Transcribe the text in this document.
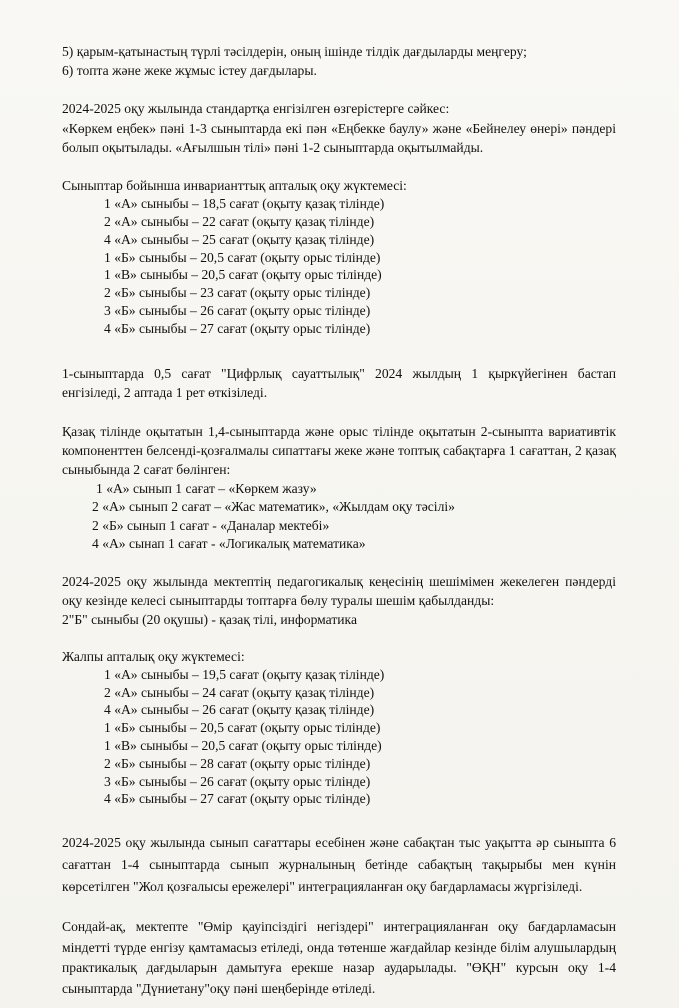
5) қарым-қатынастың түрлі тәсілдерін, оның ішінде тілдік дағдыларды меңгеру;

6) топта және жеке жұмыс істеу дағдылары.

2024-2025 оқу жылында стандартқа енгізілген өзгерістерге сәйкес:

«Көркем еңбек» пәні 1-3 сыныптарда екі пән «Еңбекке баулу» және «Бейнелеу өнері» пәндері болып оқытылады. «Ағылшын тілі» пәні 1-2 сыныптарда оқытылмайды.

Сыныптар бойынша инварианттық апталық оқу жүктемесі:

1 «А» сыныбы – 18,5 сағат (оқыту қазақ тілінде)
2 «А» сыныбы – 22 сағат (оқыту қазақ тілінде)
4 «А» сыныбы – 25 сағат (оқыту қазақ тілінде)
1 «Б» сыныбы – 20,5 сағат (оқыту орыс тілінде)
1 «В» сыныбы – 20,5 сағат (оқыту орыс тілінде)
2 «Б» сыныбы – 23 сағат (оқыту орыс тілінде)
3 «Б» сыныбы – 26 сағат (оқыту орыс тілінде)
4 «Б» сыныбы – 27 сағат (оқыту орыс тілінде)

1-сыныптарда 0,5 сағат "Цифрлық сауаттылық" 2024 жылдың 1 қыркүйегінен бастап енгізіледі, 2 аптада 1 рет өткізіледі.

Қазақ тілінде оқытатын 1,4-сыныптарда және орыс тілінде оқытатын 2-сыныпта вариативтік компоненттен белсенді-қозғалмалы сипаттағы жеке және топтық сабақтарға 1 сағаттан, 2 қазақ сыныбында 2 сағат бөлінген:

1 «А» сынып 1 сағат – «Көркем жазу»
2 «А» сынып 2 сағат – «Жас математик», «Жылдам оқу тәсілі»
2 «Б» сынып 1 сағат - «Даналар мектебі»
4 «А» сынап 1 сағат - «Логикалық математика»

2024-2025 оқу жылында мектептің педагогикалық кеңесінің шешімімен жекелеген пәндерді оқу кезінде келесі сыныптарды топтарға бөлу туралы шешім қабылданды:

2"Б" сыныбы (20 оқушы) - қазақ тілі, информатика

Жалпы апталық оқу жүктемесі:

1 «А» сыныбы – 19,5 сағат (оқыту қазақ тілінде)
2 «А» сыныбы – 24 сағат (оқыту қазақ тілінде)
4 «А» сыныбы – 26 сағат (оқыту қазақ тілінде)
1 «Б» сыныбы – 20,5 сағат (оқыту орыс тілінде)
1 «В» сыныбы – 20,5 сағат (оқыту орыс тілінде)
2 «Б» сыныбы – 28 сағат (оқыту орыс тілінде)
3 «Б» сыныбы – 26 сағат (оқыту орыс тілінде)
4 «Б» сыныбы – 27 сағат (оқыту орыс тілінде)

2024-2025 оқу жылында сынып сағаттары есебінен және сабақтан тыс уақытта әр сыныпта 6 сағаттан 1-4 сыныптарда сынып журналының бетінде сабақтың тақырыбы мен күнін көрсетілген "Жол қозғалысы ережелері" интеграцияланған оқу бағдарламасы жүргізіледі.

Сондай-ақ, мектепте "Өмір қауіпсіздігі негіздері" интеграцияланған оқу бағдарламасын міндетті түрде енгізу қамтамасыз етіледі, онда төтенше жағдайлар кезінде білім алушылардың практикалық дағдыларын дамытуға ерекше назар аударылады. "ӨҚН" курсын оқу 1-4 сыныптарда "Дүниетану"оқу пәні шеңберінде өтіледі.
